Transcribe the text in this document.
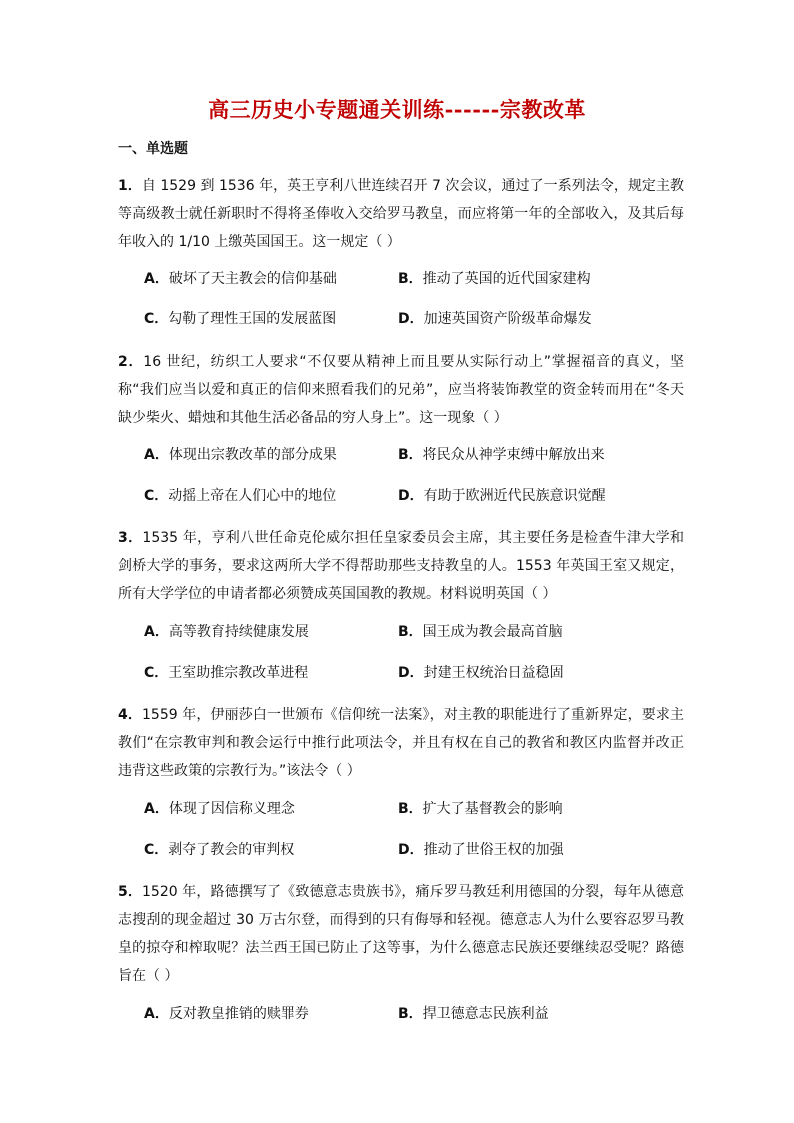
高三历史小专题通关训练------宗教改革
一、单选题
1．自 1529 到 1536 年，英王亨利八世连续召开 7 次会议，通过了一系列法令，规定主教等高级教士就任新职时不得将圣俸收入交给罗马教皇，而应将第一年的全部收入，及其后每年收入的 1/10 上缴英国国王。这一规定（ ）
A．破坏了天主教会的信仰基础	B．推动了英国的近代国家建构
C．勾勒了理性王国的发展蓝图	D．加速英国资产阶级革命爆发
2．16 世纪，纺织工人要求“不仅要从精神上而且要从实际行动上”掌握福音的真义，坚称“我们应当以爱和真正的信仰来照看我们的兄弟”，应当将装饰教堂的资金转而用在“冬天缺少柴火、蜡烛和其他生活必备品的穷人身上”。这一现象（ ）
A．体现出宗教改革的部分成果	B．将民众从神学束缚中解放出来
C．动摇上帝在人们心中的地位	D．有助于欧洲近代民族意识觉醒
3．1535 年，亨利八世任命克伦威尔担任皇家委员会主席，其主要任务是检查牛津大学和剑桥大学的事务，要求这两所大学不得帮助那些支持教皇的人。1553 年英国王室又规定，所有大学学位的申请者都必须赞成英国国教的教规。材料说明英国（ ）
A．高等教育持续健康发展	B．国王成为教会最高首脑
C．王室助推宗教改革进程	D．封建王权统治日益稳固
4．1559 年，伊丽莎白一世颁布《信仰统一法案》，对主教的职能进行了重新界定，要求主教们“在宗教审判和教会运行中推行此项法令，并且有权在自己的教省和教区内监督并改正违背这些政策的宗教行为。”该法令（ ）
A．体现了因信称义理念	B．扩大了基督教会的影响
C．剥夺了教会的审判权	D．推动了世俗王权的加强
5．1520 年，路德撰写了《致德意志贵族书》，痛斥罗马教廷利用德国的分裂，每年从德意志搜刮的现金超过 30 万古尔登，而得到的只有侮辱和轻视。德意志人为什么要容忍罗马教皇的掠夺和榨取呢？法兰西王国已防止了这等事，为什么德意志民族还要继续忍受呢？路德旨在（ ）
A．反对教皇推销的赎罪券	B．捍卫德意志民族利益
